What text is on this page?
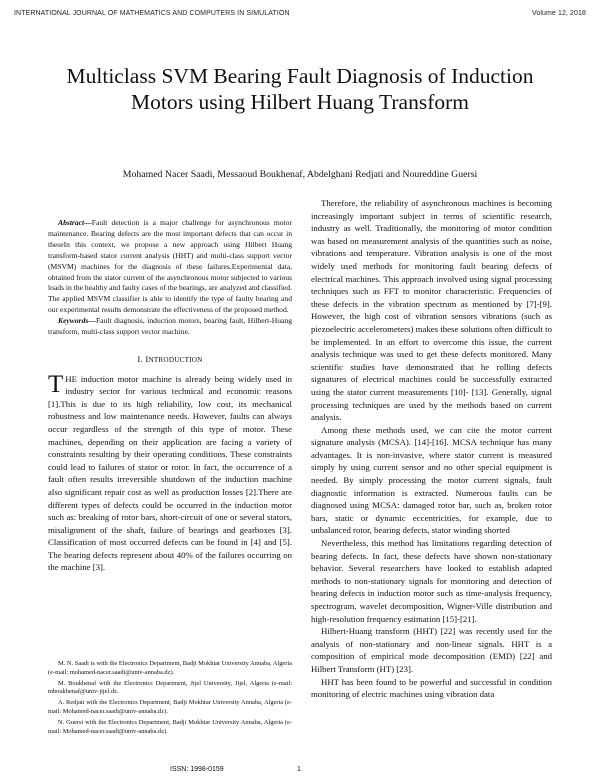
INTERNATIONAL JOURNAL OF MATHEMATICS AND COMPUTERS IN SIMULATION	Volume 12, 2018
Multiclass SVM Bearing Fault Diagnosis of Induction Motors using Hilbert Huang Transform
Mohamed Nacer Saadi, Messaoud Boukhenaf, Abdelghani Redjati and Noureddine Guersi

Abstract—Fault detection is a major challenge for asynchronous motor maintenance. Bearing defects are the most important defects that can occur in theseIn this context, we propose a new approach using Hilbert Huang transform-based stator current analysis (HHT) and multi-class support vector (MSVM) machines for the diagnosis of these failures.Experimental data, obtained from the stator current of the asynchronous motor subjected to various loads in the healthy and faulty cases of the bearings, are analyzed and classified. The applied MSVM classifier is able to identify the type of faulty bearing and our experimental results demonstrate the effectiveness of the proposed method.

Keywords—Fault diagnosis, induction motors, bearing fault, Hilbert-Huang transform, multi-class support vector machine.

I. INTRODUCTION

THE induction motor machine is already being widely used in industry sector for various technical and economic reasons [1].This is due to its high reliability, low cost, its mechanical robustness and low maintenance needs. However, faults can always occur regardless of the strength of this type of motor. These machines, depending on their application are facing a variety of constraints resulting by their operating conditions. These constraints could lead to failures of stator or rotor. In fact, the occurrence of a fault often results irreversible shutdown of the induction machine also significant repair cost as well as production losses [2].There are different types of defects could be occurred in the induction motor such as: breaking of rotor bars, short-circuit of one or several stators, misalignment of the shaft, failure of bearings and gearboxes [3]. Classification of most occurred defects can be found in [4] and [5]. The bearing defects represent about 40% of the failures occurring on the machine [3].

M. N. Saadi is with the Electronics Department, Badji Mokhtar University Annaba, Algeria (e-mail: mohamed-nacer.saadi@univ-annaba.dz).

M. Boukhenaf with the Electronics Department, Jijel University, Jijel, Algeria (e-mail: mboukhenaf@univ-jijel.dz.

A. Redjati with the Electronics Department, Badji Mokhtar University Annaba, Algeria (e-mail: Mohamed-nacer.saadi@univ-annaba.dz).

N. Guersi with the Electronics Department, Badji Mokhtar University Annaba, Algeria (e-mail: Mohamed-nacer.saadi@univ-annaba.dz).

Therefore, the reliability of asynchronous machines is becoming increasingly important subject in terms of scientific research, industry as well. Traditionally, the monitoring of motor condition was based on measurement analysis of the quantities such as noise, vibrations and temperature. Vibration analysis is one of the most widely used methods for monitoring fault bearing defects of electrical machines. This approach involved using signal processing techniques such as FFT to monitor characteristic. Frequencies of these defects in the vibration spectrum as mentioned by [7]-[9]. However, the high cost of vibration sensors vibrations (such as piezoelectric accelerometers) makes these solutions often difficult to be implemented. In an effort to overcome this issue, the current analysis technique was used to get these defects monitored. Many scientific studies have demonstrated that he rolling defects signatures of electrical machines could be successfully extracted using the stator current measurements [10]- [13]. Generally, signal processing techniques are used by the methods based on current analysis.

Among these methods used, we can cite the motor current signature analysis (MCSA). [14]-[16]. MCSA technique has many advantages. It is non-invasive, where stator current is measured simply by using current sensor and no other special equipment is needed. By simply processing the motor current signals, fault diagnostic information is extracted. Numerous faults can be diagnosed using MCSA: damaged rotor bar, such as, broken rotor bars, static or dynamic eccentricities, for example, due to unbalanced rotor, bearing defects, stator winding shorted

Nevertheless, this method has limitations regarding detection of bearing defects. In fact, these defects have shown non-stationary behavior. Several researchers have looked to establish adapted methods to non-stationary signals for monitoring and detection of bearing defects in induction motor such as time-analysis frequency, spectrogram, wavelet decomposition, Wigner-Ville distribution and high-resolution frequency estimation [15]-[21].

Hilbert-Huang transform (HHT) [22] was recently used for the analysis of non-stationary and non-linear signals. HHT is a composition of empirical mode decomposition (EMD) [22] and Hilbert Transform (HT) [23].

HHT has been found to be powerful and successful in condition monitoring of electric machines using vibration data

ISSN: 1998-0159	1
